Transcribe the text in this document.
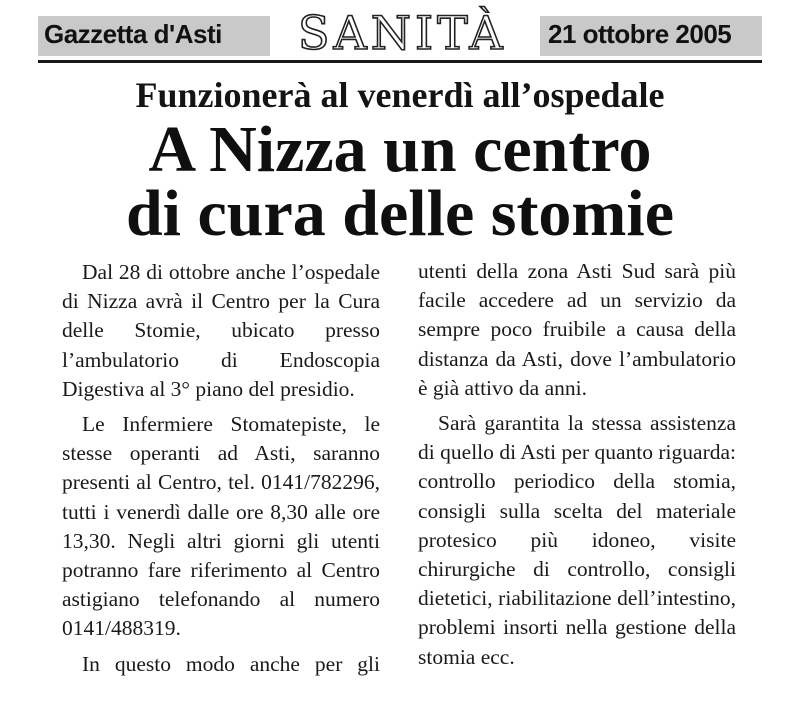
Gazzetta d'Asti SANITÀ 21 ottobre 2005
Funzionerà al venerdì all’ospedale
A Nizza un centro
di cura delle stomie

Dal 28 di ottobre anche l’ospedale di Nizza avrà il Centro per la Cura delle Stomie, ubicato presso l’ambulatorio di Endoscopia Digestiva al 3° piano del presidio.

Le Infermiere Stomatepiste, le stesse operanti ad Asti, saranno presenti al Centro, tel. 0141/782296, tutti i venerdì dalle ore 8,30 alle ore 13,30. Negli altri giorni gli utenti potranno fare riferimento al Centro astigiano telefonando al numero 0141/488319.

In questo modo anche per gli

utenti della zona Asti Sud sarà più facile accedere ad un servizio da sempre poco fruibile a causa della distanza da Asti, dove l’ambulatorio è già attivo da anni.

Sarà garantita la stessa assistenza di quello di Asti per quanto riguarda: controllo periodico della stomia, consigli sulla scelta del materiale protesico più idoneo, visite chirurgiche di controllo, consigli dietetici, riabilitazione dell’intestino, problemi insorti nella gestione della stomia ecc.
